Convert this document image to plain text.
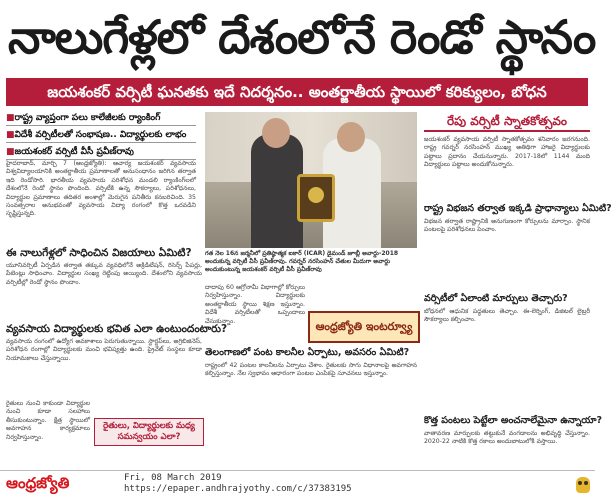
నాలుగేళ్లలో దేశంలోనే రెండో స్థానం
జయశంకర్ వర్సిటీ ఘనతకు ఇదే నిదర్శనం.. అంతర్జాతీయ స్థాయిలో కరిక్యులం, బోధన
■ రాష్ట్ర వ్యాప్తంగా పలు కాలేజీలకు ర్యాంకింగ్
■ విదేశీ వర్సిటీలతో సంభాషణ.. విద్యార్థులకు లాభం
■ జయశంకర్ వర్సిటీ వీసీ ప్రవీణ్‌రావు
హైదరాబాద్, మార్చి 7 (ఆంధ్రజ్యోతి): ఆచార్య జయశంకర్ వ్యవసాయ విశ్వవిద్యాలయానికి అంతర్జాతీయ ప్రమాణాలతో అనుసంధానం జరిగిన తర్వాత ఇది రెండోసారి. భారతీయ వ్యవసాయ పరిశోధన మండలి ర్యాంకింగ్‌లలో దేశంలోనే రెండో స్థానం పొందింది. వర్సిటీకి ఉన్న సౌకర్యాలు, పరిశోధనలు, విద్యార్థుల ప్రమాణాలు తదితర అంశాల్లో మెరుగైన పనితీరు కనబరిచింది. 35 సంవత్సరాల అనుభవంతో వ్యవసాయ విద్యా రంగంలో కొత్త ఒరవడిని సృష్టిస్తున్నది.
ఈ నాలుగేళ్లలో సాధించిన విజయాలు ఏమిటి?
యూనివర్సిటీ ఏర్పడిన తర్వాత తక్కువ వ్యవధిలోనే అక్రిడిటేషన్, రిసెర్చ్ పేపర్లు, పేటెంట్లు సాధించాం. విద్యార్థుల సంఖ్య రెట్టింపు అయ్యింది. దేశంలోని వ్యవసాయ వర్సిటీల్లో రెండో స్థానం పొందాం.
వ్యవసాయ విద్యార్థులకు భవిత ఎలా ఉంటుందంటారు?
వ్యవసాయ రంగంలో ఉద్యోగ అవకాశాలు పెరుగుతున్నాయి. స్టార్టప్‌లు, అగ్రిబిజినెస్, పరిశోధన రంగాల్లో విద్యార్థులకు మంచి భవిష్యత్తు ఉంది. ప్రైవేట్ సంస్థలు కూడా నియామకాలు చేస్తున్నాయి.
రైతులు నుంచి కాకుండా విద్యార్థుల నుంచి కూడా సలహాలు తీసుకుంటున్నాం. క్షేత్ర స్థాయిలో అవగాహన కార్యక్రమాలు నిర్వహిస్తున్నాం.
గత నెల 16న జర్మనీలో ప్రతిష్ఠాత్మక ఐకార్ (ICAR) డైమండ్ జూబ్లీ అవార్డు-2018 అందుకున్న వర్సిటీ వీసీ ప్రవీణ్‌రావు. గవర్నర్ నరసింహన్ చేతుల మీదుగా అవార్డు అందుకుంటున్న జయశంకర్ వర్సిటీ వీసీ ప్రవీణ్‌రావు
దాదాపు 60 ఆగ్రోనామీ విభాగాల్లో కోర్సులు నిర్వహిస్తున్నాం. విద్యార్థులకు అంతర్జాతీయ స్థాయి శిక్షణ ఇస్తున్నాం. విదేశీ వర్సిటీలతో ఒప్పందాలు చేసుకున్నాం.	ఆంధ్రజ్యోతి ఇంటర్వ్యూ
తెలంగాణలో పంట కాలనీల ఏర్పాటు, అవసరం ఏమిటి?
రాష్ట్రంలో 42 పంటల కాలనీలను ఏర్పాటు చేశాం. రైతులకు సాగు విధానాలపై అవగాహన కల్పిస్తున్నాం. నేల స్వభావం ఆధారంగా పంటల ఎంపికపై సూచనలు ఇస్తున్నాం.
రైతులు, విద్యార్థులకు మధ్య సమన్వయం ఎలా?
రేపు వర్సిటీ స్నాతకోత్సవం
జయశంకర్ వ్యవసాయ వర్సిటీ స్నాతకోత్సవం శనివారం జరగనుంది. రాష్ట్ర గవర్నర్ నరసింహన్ ముఖ్య అతిథిగా హాజరై విద్యార్థులకు పట్టాలు ప్రదానం చేయనున్నారు. 2017-18లో 1144 మంది విద్యార్థులు పట్టాలు అందుకోనున్నారు.
రాష్ట్ర విభజన తర్వాత ఇక్కడి ప్రాధాన్యాలు ఏమిటి?
విభజన తర్వాత రాష్ట్రానికి అనుగుణంగా కోర్సులను మార్చాం. స్థానిక పంటలపై పరిశోధనలు పెంచాం.
వర్సిటీలో ఏలాంటి మార్పులు తెచ్చారు?
బోధనలో ఆధునిక పద్ధతులు తెచ్చాం. ఈ-లెర్నింగ్, డిజిటల్ లైబ్రరీ సౌకర్యాలు కల్పించాం.
కొత్త పంటలు పెట్టేలా అంచనాలేమైనా ఉన్నాయా?
వాతావరణ మార్పులకు తట్టుకునే వంగడాలను అభివృద్ధి చేస్తున్నాం. 2020-22 నాటికి కొత్త రకాలు అందుబాటులోకి వస్తాయి.
ఆంధ్రజ్యోతి	Fri, 08 March 2019
https://epaper.andhrajyothy.com/c/37383195
